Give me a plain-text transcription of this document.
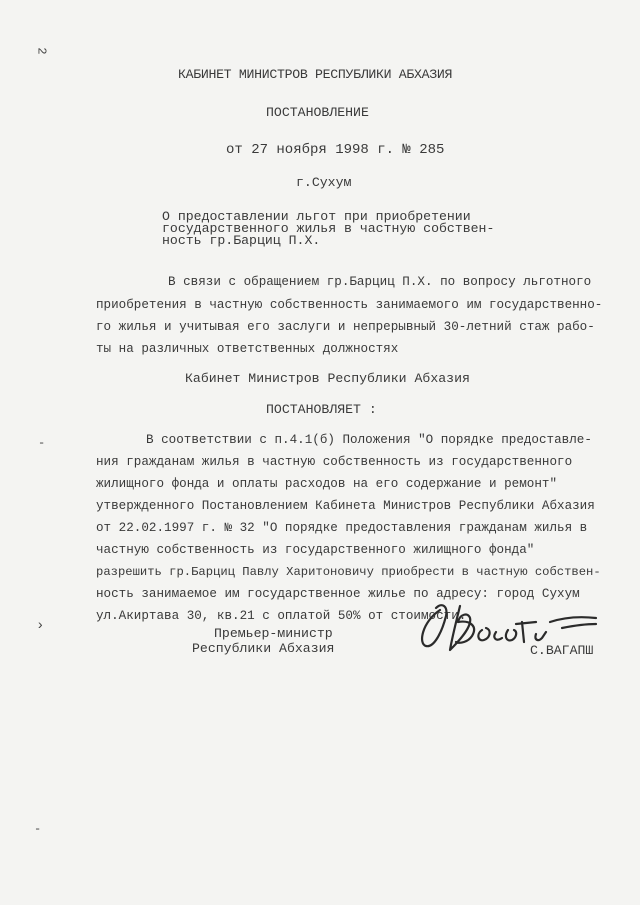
2
-
›
-
КАБИНЕТ МИНИСТРОВ РЕСПУБЛИКИ АБХАЗИЯ
ПОСТАНОВЛЕНИЕ
от 27 ноября 1998 г. № 285
г.Сухум
О предоставлении льгот при приобретении
государственного жилья в частную собствен-
ность гр.Барциц П.Х.
В связи с обращением гр.Барциц П.Х. по вопросу льготного
приобретения в частную собственность занимаемого им государственно-
го жилья и учитывая его заслуги и непрерывный 30-летний стаж рабо-
ты на различных ответственных должностях
Кабинет Министров Республики Абхазия
ПОСТАНОВЛЯЕТ :
В соответствии с п.4.1(б) Положения "О порядке предоставле-
ния гражданам жилья в частную собственность из государственного
жилищного фонда и оплаты расходов на его содержание и ремонт"
утвержденного Постановлением Кабинета Министров Республики Абхазия
от 22.02.1997 г. № 32 "О порядке предоставления гражданам жилья в
частную собственность из государственного жилищного фонда"
разрешить гр.Барциц Павлу Харитоновичу приобрести в частную собствен-
ность занимаемое им государственное жилье по адресу: город Сухум
ул.Акиртава 30, кв.21 с оплатой 50% от стоимости.
Премьер-министр
Республики Абхазия	С.ВАГАПШ
